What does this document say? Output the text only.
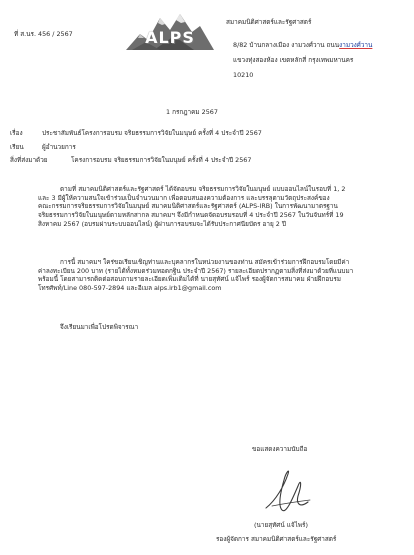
ที่ ส.นร. 456 / 2567	ALPS
สมาคมนิติศาสตร์และรัฐศาสตร์
8/82 บ้านกลางเมือง งามวงศ์วาน ถนนงามวงศ์วาน
แขวงทุ่งสองห้อง เขตหลักสี่ กรุงเทพมหานคร
10210
1 กรกฎาคม 2567
เรื่อง	ประชาสัมพันธ์โครงการอบรม จริยธรรมการวิจัยในมนุษย์ ครั้งที่ 4 ประจำปี 2567
เรียน	ผู้อำนวยการ
สิ่งที่ส่งมาด้วย	โครงการอบรม จริยธรรมการวิจัยในมนุษย์ ครั้งที่ 4 ประจำปี 2567
ตามที่ สมาคมนิติศาสตร์และรัฐศาสตร์ ได้จัดอบรม จริยธรรมการวิจัยในมนุษย์ แบบออนไลน์ในรอบที่ 1, 2
และ 3 มีผู้ให้ความสนใจเข้าร่วมเป็นจำนวนมาก เพื่อตอบสนองความต้องการ และบรรลุตามวัตถุประสงค์ของ
คณะกรรมการจริยธรรมการวิจัยในมนุษย์ สมาคมนิติศาสตร์และรัฐศาสตร์ (ALPS-IRB) ในการพัฒนามาตรฐาน
จริยธรรมการวิจัยในมนุษย์ตามหลักสากล สมาคมฯ จึงมีกำหนดจัดอบรมรอบที่ 4 ประจำปี 2567 ในวันจันทร์ที่ 19
สิงหาคม 2567 (อบรมผ่านระบบออนไลน์) ผู้ผ่านการอบรมจะได้รับประกาศนียบัตร อายุ 2 ปี
การนี้ สมาคมฯ ใคร่ขอเรียนเชิญท่านและบุคลากรในหน่วยงานของท่าน สมัครเข้าร่วมการฝึกอบรมโดยมีค่า
ค่าลงทะเบียน 200 บาท (รายได้ทั้งหมดร่วมทอดกฐิน ประจำปี 2567) รายละเอียดปรากฏตามสิ่งที่ส่งมาด้วยที่แนบมา
พร้อมนี้ โดยสามารถติดต่อสอบถามรายละเอียดเพิ่มเติมได้ที่ นายสุทัศน์ แจ้ไพร์ รองผู้จัดการสมาคม ฝ่ายฝึกอบรม
โทรศัพท์/Line 080-597-2894 และอีเมล alps.irb1@gmail.com
จึงเรียนมาเพื่อโปรดพิจารณา
ขอแสดงความนับถือ
(นายสุทัศน์ แจ้ไพร์)
รองผู้จัดการ สมาคมนิติศาสตร์และรัฐศาสตร์
